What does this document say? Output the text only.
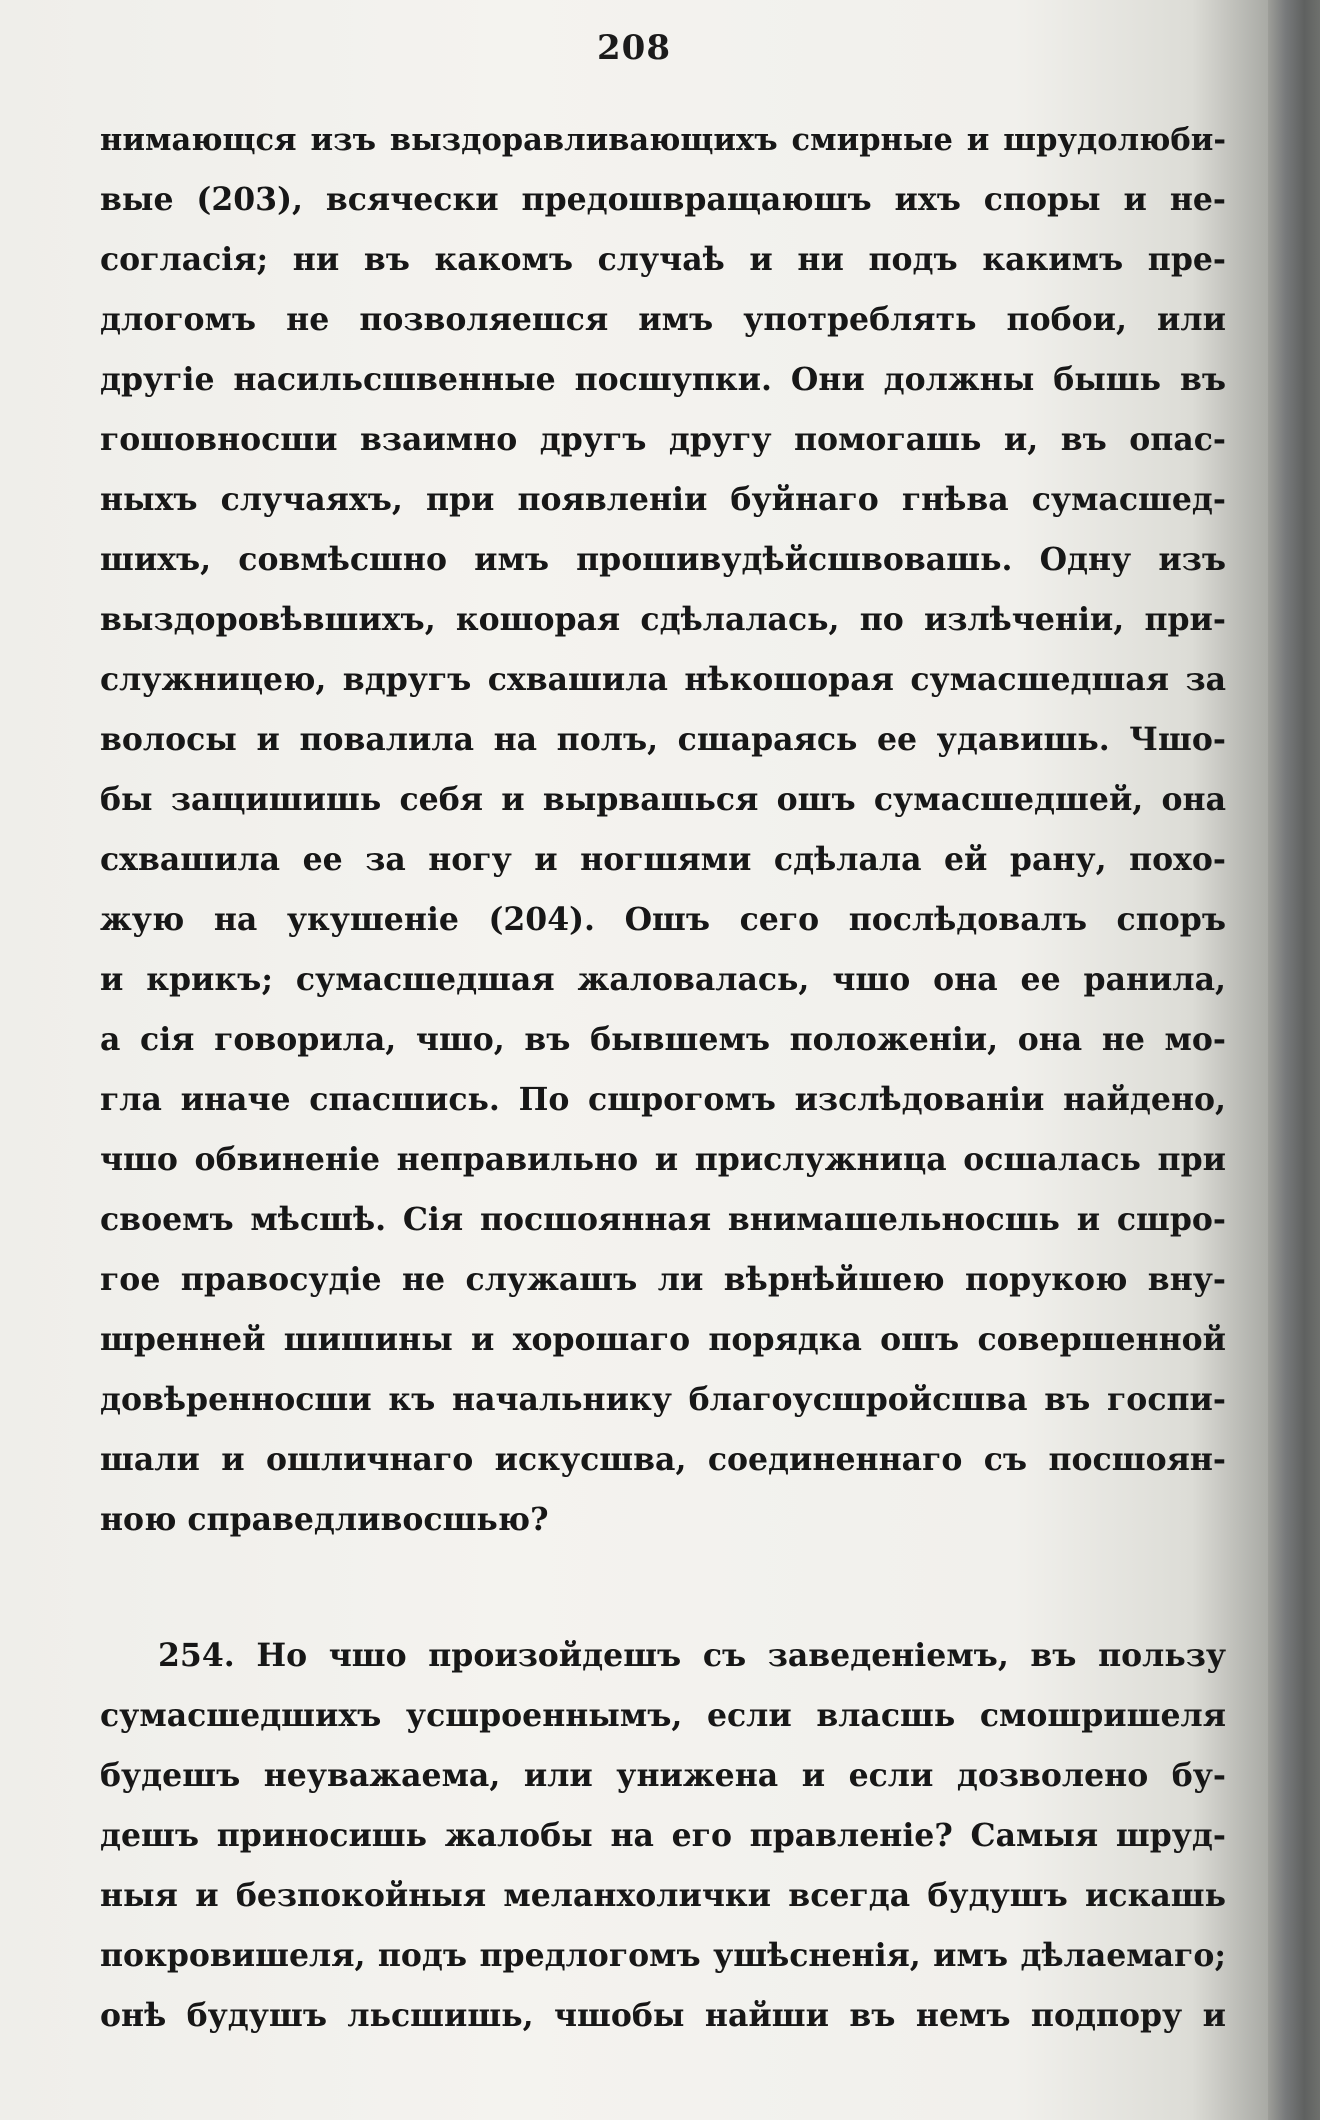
208
нимающся изъ выздоравливающихъ смирные и шрудолюби-
вые (203), всячески предошвращаюшъ ихъ споры и не-
согласія; ни въ какомъ случаѣ и ни подъ какимъ пре-
длогомъ не позволяешся имъ употреблять побои, или
другіе насильсшвенные посшупки. Они должны бышь въ
гошовносши взаимно другъ другу помогашь и, въ опас-
ныхъ случаяхъ, при появленіи буйнаго гнѣва сумасшед-
шихъ, совмѣсшно имъ прошивудѣйсшвовашь. Одну изъ
выздоровѣвшихъ, кошорая сдѣлалась, по излѣченіи, при-
служницею, вдругъ схвашила нѣкошорая сумасшедшая за
волосы и повалила на полъ, сшараясь ее удавишь. Чшо-
бы защишишь себя и вырвашься ошъ сумасшедшей, она
схвашила ее за ногу и ногшями сдѣлала ей рану, похо-
жую на укушеніе (204). Ошъ сего послѣдовалъ споръ
и крикъ; сумасшедшая жаловалась, чшо она ее ранила,
а сія говорила, чшо, въ бывшемъ положеніи, она не мо-
гла иначе спасшись. По сшрогомъ изслѣдованіи найдено,
чшо обвиненіе неправильно и прислужница осшалась при
своемъ мѣсшѣ. Сія посшоянная внимашельносшь и сшро-
гое правосудіе не служашъ ли вѣрнѣйшею порукою вну-
шренней шишины и хорошаго порядка ошъ совершенной
довѣренносши къ начальнику благоусшройсшва въ госпи-
шали и ошличнаго искусшва, соединеннаго съ посшоян-
ною справедливосшью?
254. Но чшо произойдешъ съ заведеніемъ, въ пользу
сумасшедшихъ усшроеннымъ, если власшь смошришеля
будешъ неуважаема, или унижена и если дозволено бу-
дешъ приносишь жалобы на его правленіе? Самыя шруд-
ныя и безпокойныя меланхолички всегда будушъ искашь
покровишеля, подъ предлогомъ ушѣсненія, имъ дѣлаемаго;
онѣ будушъ льсшишь, чшобы найши въ немъ подпору и
